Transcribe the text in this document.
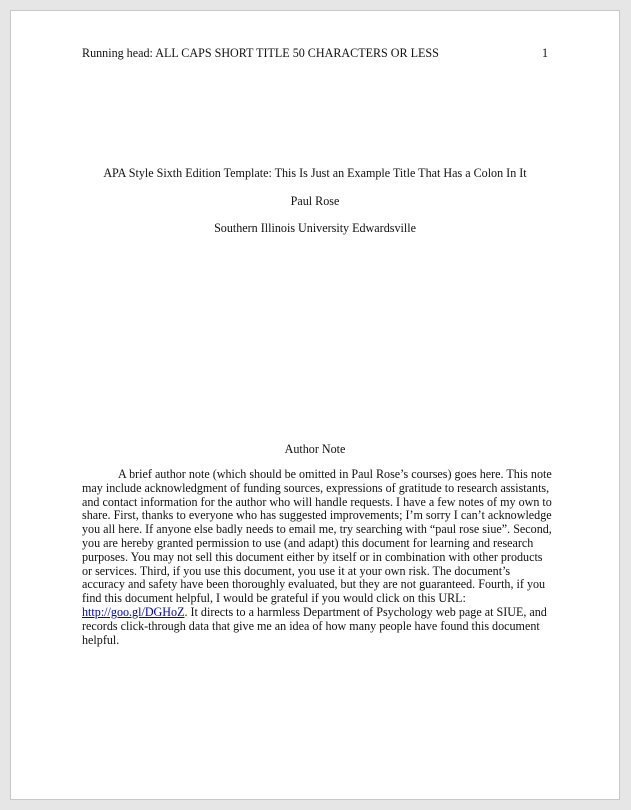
Running head: ALL CAPS SHORT TITLE 50 CHARACTERS OR LESS	1
APA Style Sixth Edition Template: This Is Just an Example Title That Has a Colon In It
Paul Rose
Southern Illinois University Edwardsville
Author Note
A brief author note (which should be omitted in Paul Rose’s courses) goes here. This note
may include acknowledgment of funding sources, expressions of gratitude to research assistants,
and contact information for the author who will handle requests. I have a few notes of my own to
share. First, thanks to everyone who has suggested improvements; I’m sorry I can’t acknowledge
you all here. If anyone else badly needs to email me, try searching with “paul rose siue”. Second,
you are hereby granted permission to use (and adapt) this document for learning and research
purposes. You may not sell this document either by itself or in combination with other products
or services. Third, if you use this document, you use it at your own risk. The document’s
accuracy and safety have been thoroughly evaluated, but they are not guaranteed. Fourth, if you
find this document helpful, I would be grateful if you would click on this URL:
http://goo.gl/DGHoZ. It directs to a harmless Department of Psychology web page at SIUE, and
records click-through data that give me an idea of how many people have found this document
helpful.
